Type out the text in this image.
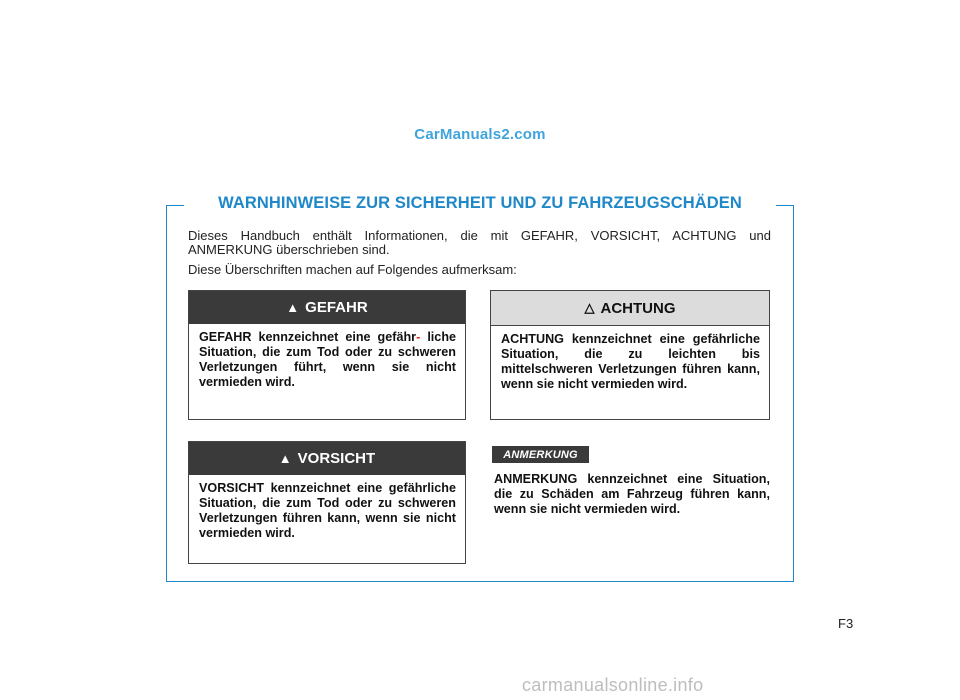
CarManuals2.com
WARNHINWEISE ZUR SICHERHEIT UND ZU FAHRZEUGSCHÄDEN
Dieses Handbuch enthält Informationen, die mit GEFAHR, VORSICHT, ACHTUNG und ANMERKUNG überschrieben sind.
Diese Überschriften machen auf Folgendes aufmerksam:
▲ GEFAHR
GEFAHR kennzeichnet eine gefähr- liche Situation, die zum Tod oder zu schweren Verletzungen führt, wenn sie nicht vermieden wird.
△ ACHTUNG
ACHTUNG kennzeichnet eine gefährliche Situation, die zu leichten bis mittelschweren Verletzungen führen kann, wenn sie nicht vermieden wird.
▲ VORSICHT
VORSICHT kennzeichnet eine gefährliche Situation, die zum Tod oder zu schweren Verletzungen führen kann, wenn sie nicht vermieden wird.
ANMERKUNG
ANMERKUNG kennzeichnet eine Situation, die zu Schäden am Fahrzeug führen kann, wenn sie nicht vermieden wird.
F3
carmanualsonline.info
